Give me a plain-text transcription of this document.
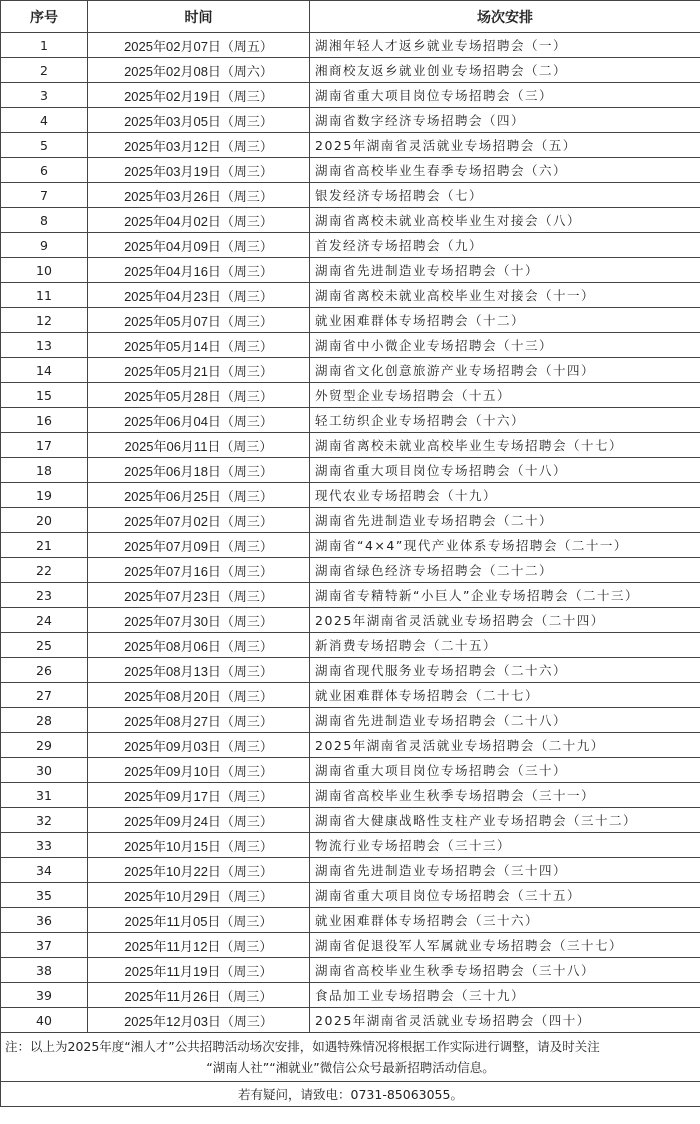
序号	时间	场次安排
1	2025年02月07日（周五）	湖湘年轻人才返乡就业专场招聘会（一）
2	2025年02月08日（周六）	湘商校友返乡就业创业专场招聘会（二）
3	2025年02月19日（周三）	湖南省重大项目岗位专场招聘会（三）
4	2025年03月05日（周三）	湖南省数字经济专场招聘会（四）
5	2025年03月12日（周三）	2025年湖南省灵活就业专场招聘会（五）
6	2025年03月19日（周三）	湖南省高校毕业生春季专场招聘会（六）
7	2025年03月26日（周三）	银发经济专场招聘会（七）
8	2025年04月02日（周三）	湖南省离校未就业高校毕业生对接会（八）
9	2025年04月09日（周三）	首发经济专场招聘会（九）
10	2025年04月16日（周三）	湖南省先进制造业专场招聘会（十）
11	2025年04月23日（周三）	湖南省离校未就业高校毕业生对接会（十一）
12	2025年05月07日（周三）	就业困难群体专场招聘会（十二）
13	2025年05月14日（周三）	湖南省中小微企业专场招聘会（十三）
14	2025年05月21日（周三）	湖南省文化创意旅游产业专场招聘会（十四）
15	2025年05月28日（周三）	外贸型企业专场招聘会（十五）
16	2025年06月04日（周三）	轻工纺织企业专场招聘会（十六）
17	2025年06月11日（周三）	湖南省离校未就业高校毕业生专场招聘会（十七）
18	2025年06月18日（周三）	湖南省重大项目岗位专场招聘会（十八）
19	2025年06月25日（周三）	现代农业专场招聘会（十九）
20	2025年07月02日（周三）	湖南省先进制造业专场招聘会（二十）
21	2025年07月09日（周三）	湖南省“4×4”现代产业体系专场招聘会（二十一）
22	2025年07月16日（周三）	湖南省绿色经济专场招聘会（二十二）
23	2025年07月23日（周三）	湖南省专精特新“小巨人”企业专场招聘会（二十三）
24	2025年07月30日（周三）	2025年湖南省灵活就业专场招聘会（二十四）
25	2025年08月06日（周三）	新消费专场招聘会（二十五）
26	2025年08月13日（周三）	湖南省现代服务业专场招聘会（二十六）
27	2025年08月20日（周三）	就业困难群体专场招聘会（二十七）
28	2025年08月27日（周三）	湖南省先进制造业专场招聘会（二十八）
29	2025年09月03日（周三）	2025年湖南省灵活就业专场招聘会（二十九）
30	2025年09月10日（周三）	湖南省重大项目岗位专场招聘会（三十）
31	2025年09月17日（周三）	湖南省高校毕业生秋季专场招聘会（三十一）
32	2025年09月24日（周三）	湖南省大健康战略性支柱产业专场招聘会（三十二）
33	2025年10月15日（周三）	物流行业专场招聘会（三十三）
34	2025年10月22日（周三）	湖南省先进制造业专场招聘会（三十四）
35	2025年10月29日（周三）	湖南省重大项目岗位专场招聘会（三十五）
36	2025年11月05日（周三）	就业困难群体专场招聘会（三十六）
37	2025年11月12日（周三）	湖南省促退役军人军属就业专场招聘会（三十七）
38	2025年11月19日（周三）	湖南省高校毕业生秋季专场招聘会（三十八）
39	2025年11月26日（周三）	食品加工业专场招聘会（三十九）
40	2025年12月03日（周三）	2025年湖南省灵活就业专场招聘会（四十）
注：以上为2025年度“湘人才”公共招聘活动场次安排，如遇特殊情况将根据工作实际进行调整，请及时关注
“湖南人社”“湘就业”微信公众号最新招聘活动信息。		

若有疑问，请致电：0731-85063055。		
